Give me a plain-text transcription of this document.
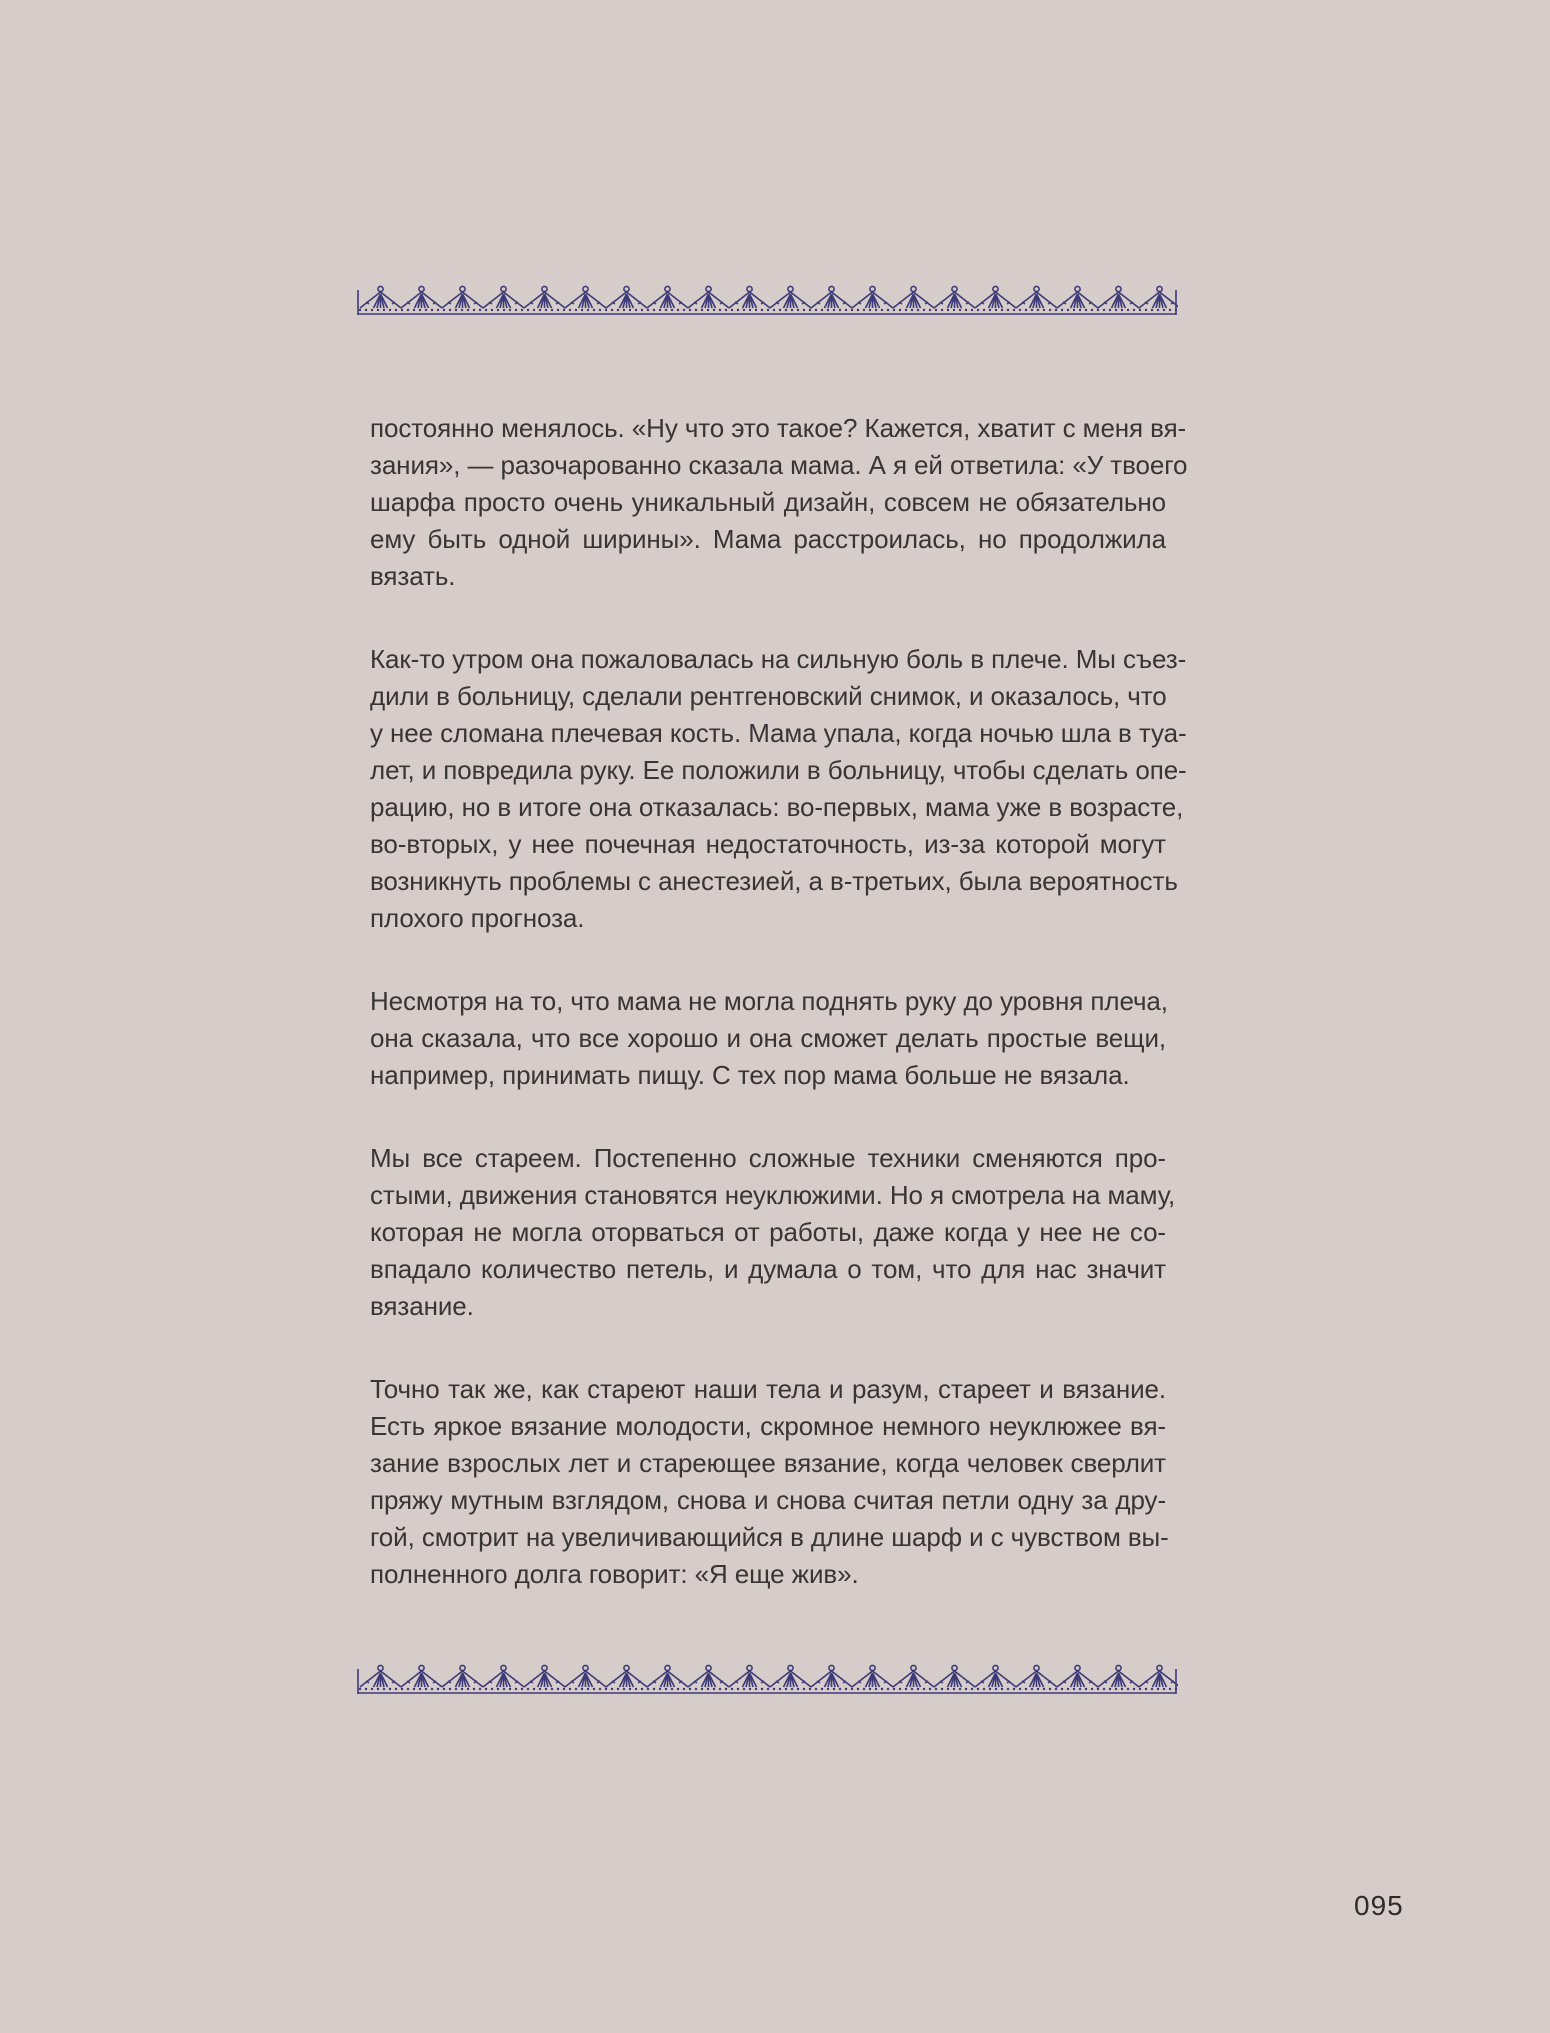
постоянно менялось. «Ну что это такое? Кажется, хватит с меня вя-
зания», — разочарованно сказала мама. А я ей ответила: «У твоего
шарфа просто очень уникальный дизайн, совсем не обязательно
ему быть одной ширины». Мама расстроилась, но продолжила
вязать.

Как-то утром она пожаловалась на сильную боль в плече. Мы съез-
дили в больницу, сделали рентгеновский снимок, и оказалось, что
у нее сломана плечевая кость. Мама упала, когда ночью шла в туа-
лет, и повредила руку. Ее положили в больницу, чтобы сделать опе-
рацию, но в итоге она отказалась: во-первых, мама уже в возрасте,
во-вторых, у нее почечная недостаточность, из-за которой могут
возникнуть проблемы с анестезией, а в-третьих, была вероятность
плохого прогноза.

Несмотря на то, что мама не могла поднять руку до уровня плеча,
она сказала, что все хорошо и она сможет делать простые вещи,
например, принимать пищу. С тех пор мама больше не вязала.

Мы все стареем. Постепенно сложные техники сменяются про-
стыми, движения становятся неуклюжими. Но я смотрела на маму,
которая не могла оторваться от работы, даже когда у нее не со-
впадало количество петель, и думала о том, что для нас значит
вязание.

Точно так же, как стареют наши тела и разум, стареет и вязание.
Есть яркое вязание молодости, скромное немного неуклюжее вя-
зание взрослых лет и стареющее вязание, когда человек сверлит
пряжу мутным взглядом, снова и снова считая петли одну за дру-
гой, смотрит на увеличивающийся в длине шарф и с чувством вы-
полненного долга говорит: «Я еще жив».

095
